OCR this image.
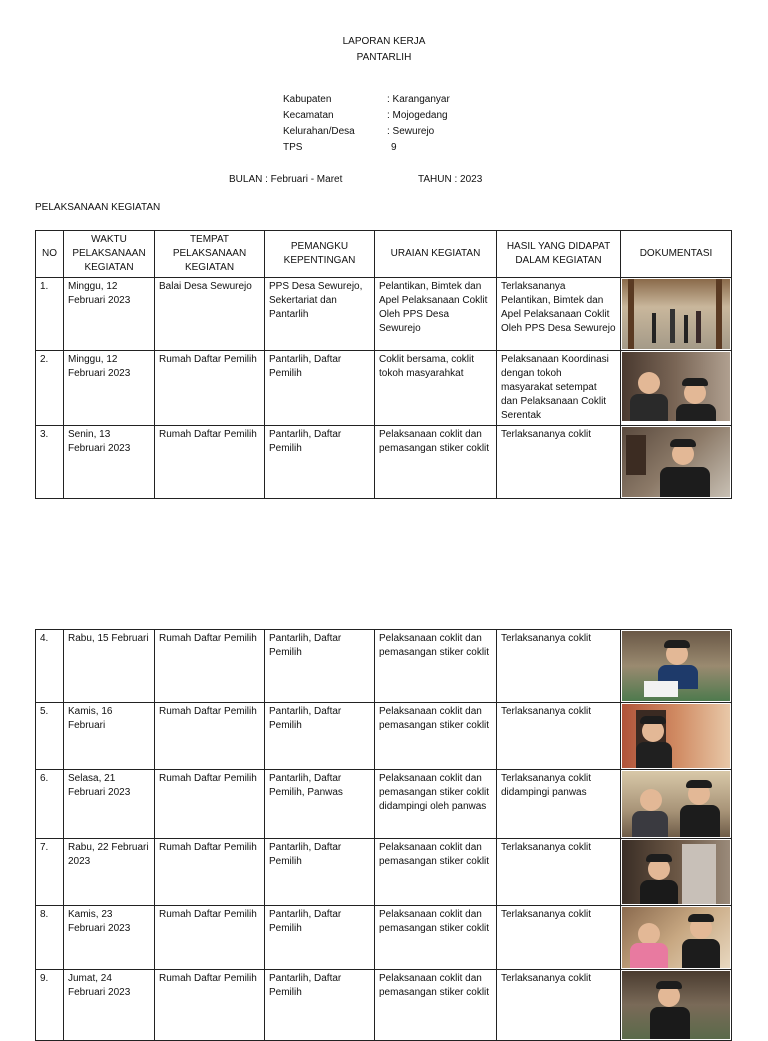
LAPORAN KERJA
PANTARLIH
Kabupaten	: Karanganyar
Kecamatan	: Mojogedang
Kelurahan/Desa	: Sewurejo
TPS	9
BULAN : Februari - Maret	TAHUN : 2023
PELAKSANAAN KEGIATAN
NO	WAKTU PELAKSANAAN KEGIATAN	TEMPAT PELAKSANAAN KEGIATAN	PEMANGKU KEPENTINGAN	URAIAN KEGIATAN	HASIL YANG DIDAPAT DALAM KEGIATAN	DOKUMENTASI
1.	Minggu, 12 Februari 2023	Balai Desa Sewurejo	PPS Desa Sewurejo, Sekertariat dan Pantarlih	Pelantikan, Bimtek dan Apel Pelaksanaan Coklit Oleh PPS Desa Sewurejo	Terlaksananya Pelantikan, Bimtek dan Apel Pelaksanaan Coklit Oleh PPS Desa Sewurejo	

2.	Minggu, 12 Februari 2023	Rumah Daftar Pemilih	Pantarlih, Daftar Pemilih	Coklit bersama, coklit tokoh masyarahkat	Pelaksanaan Koordinasi dengan tokoh masyarakat setempat dan Pelaksanaan Coklit Serentak	

3.	Senin, 13 Februari 2023	Rumah Daftar Pemilih	Pantarlih, Daftar Pemilih	Pelaksanaan coklit dan pemasangan stiker coklit	Terlaksananya coklit	
4.	Rabu, 15 Februari	Rumah Daftar Pemilih	Pantarlih, Daftar Pemilih	Pelaksanaan coklit dan pemasangan stiker coklit	Terlaksananya coklit	

5.	Kamis, 16 Februari	Rumah Daftar Pemilih	Pantarlih, Daftar Pemilih	Pelaksanaan coklit dan pemasangan stiker coklit	Terlaksananya coklit	

6.	Selasa, 21 Februari 2023	Rumah Daftar Pemilih	Pantarlih, Daftar Pemilih, Panwas	Pelaksanaan coklit dan pemasangan stiker coklit didampingi oleh panwas	Terlaksananya coklit didampingi panwas	

7.	Rabu, 22 Februari 2023	Rumah Daftar Pemilih	Pantarlih, Daftar Pemilih	Pelaksanaan coklit dan pemasangan stiker coklit	Terlaksananya coklit	

8.	Kamis, 23 Februari 2023	Rumah Daftar Pemilih	Pantarlih, Daftar Pemilih	Pelaksanaan coklit dan pemasangan stiker coklit	Terlaksananya coklit	

9.	Jumat, 24 Februari 2023	Rumah Daftar Pemilih	Pantarlih, Daftar Pemilih	Pelaksanaan coklit dan pemasangan stiker coklit	Terlaksananya coklit	
